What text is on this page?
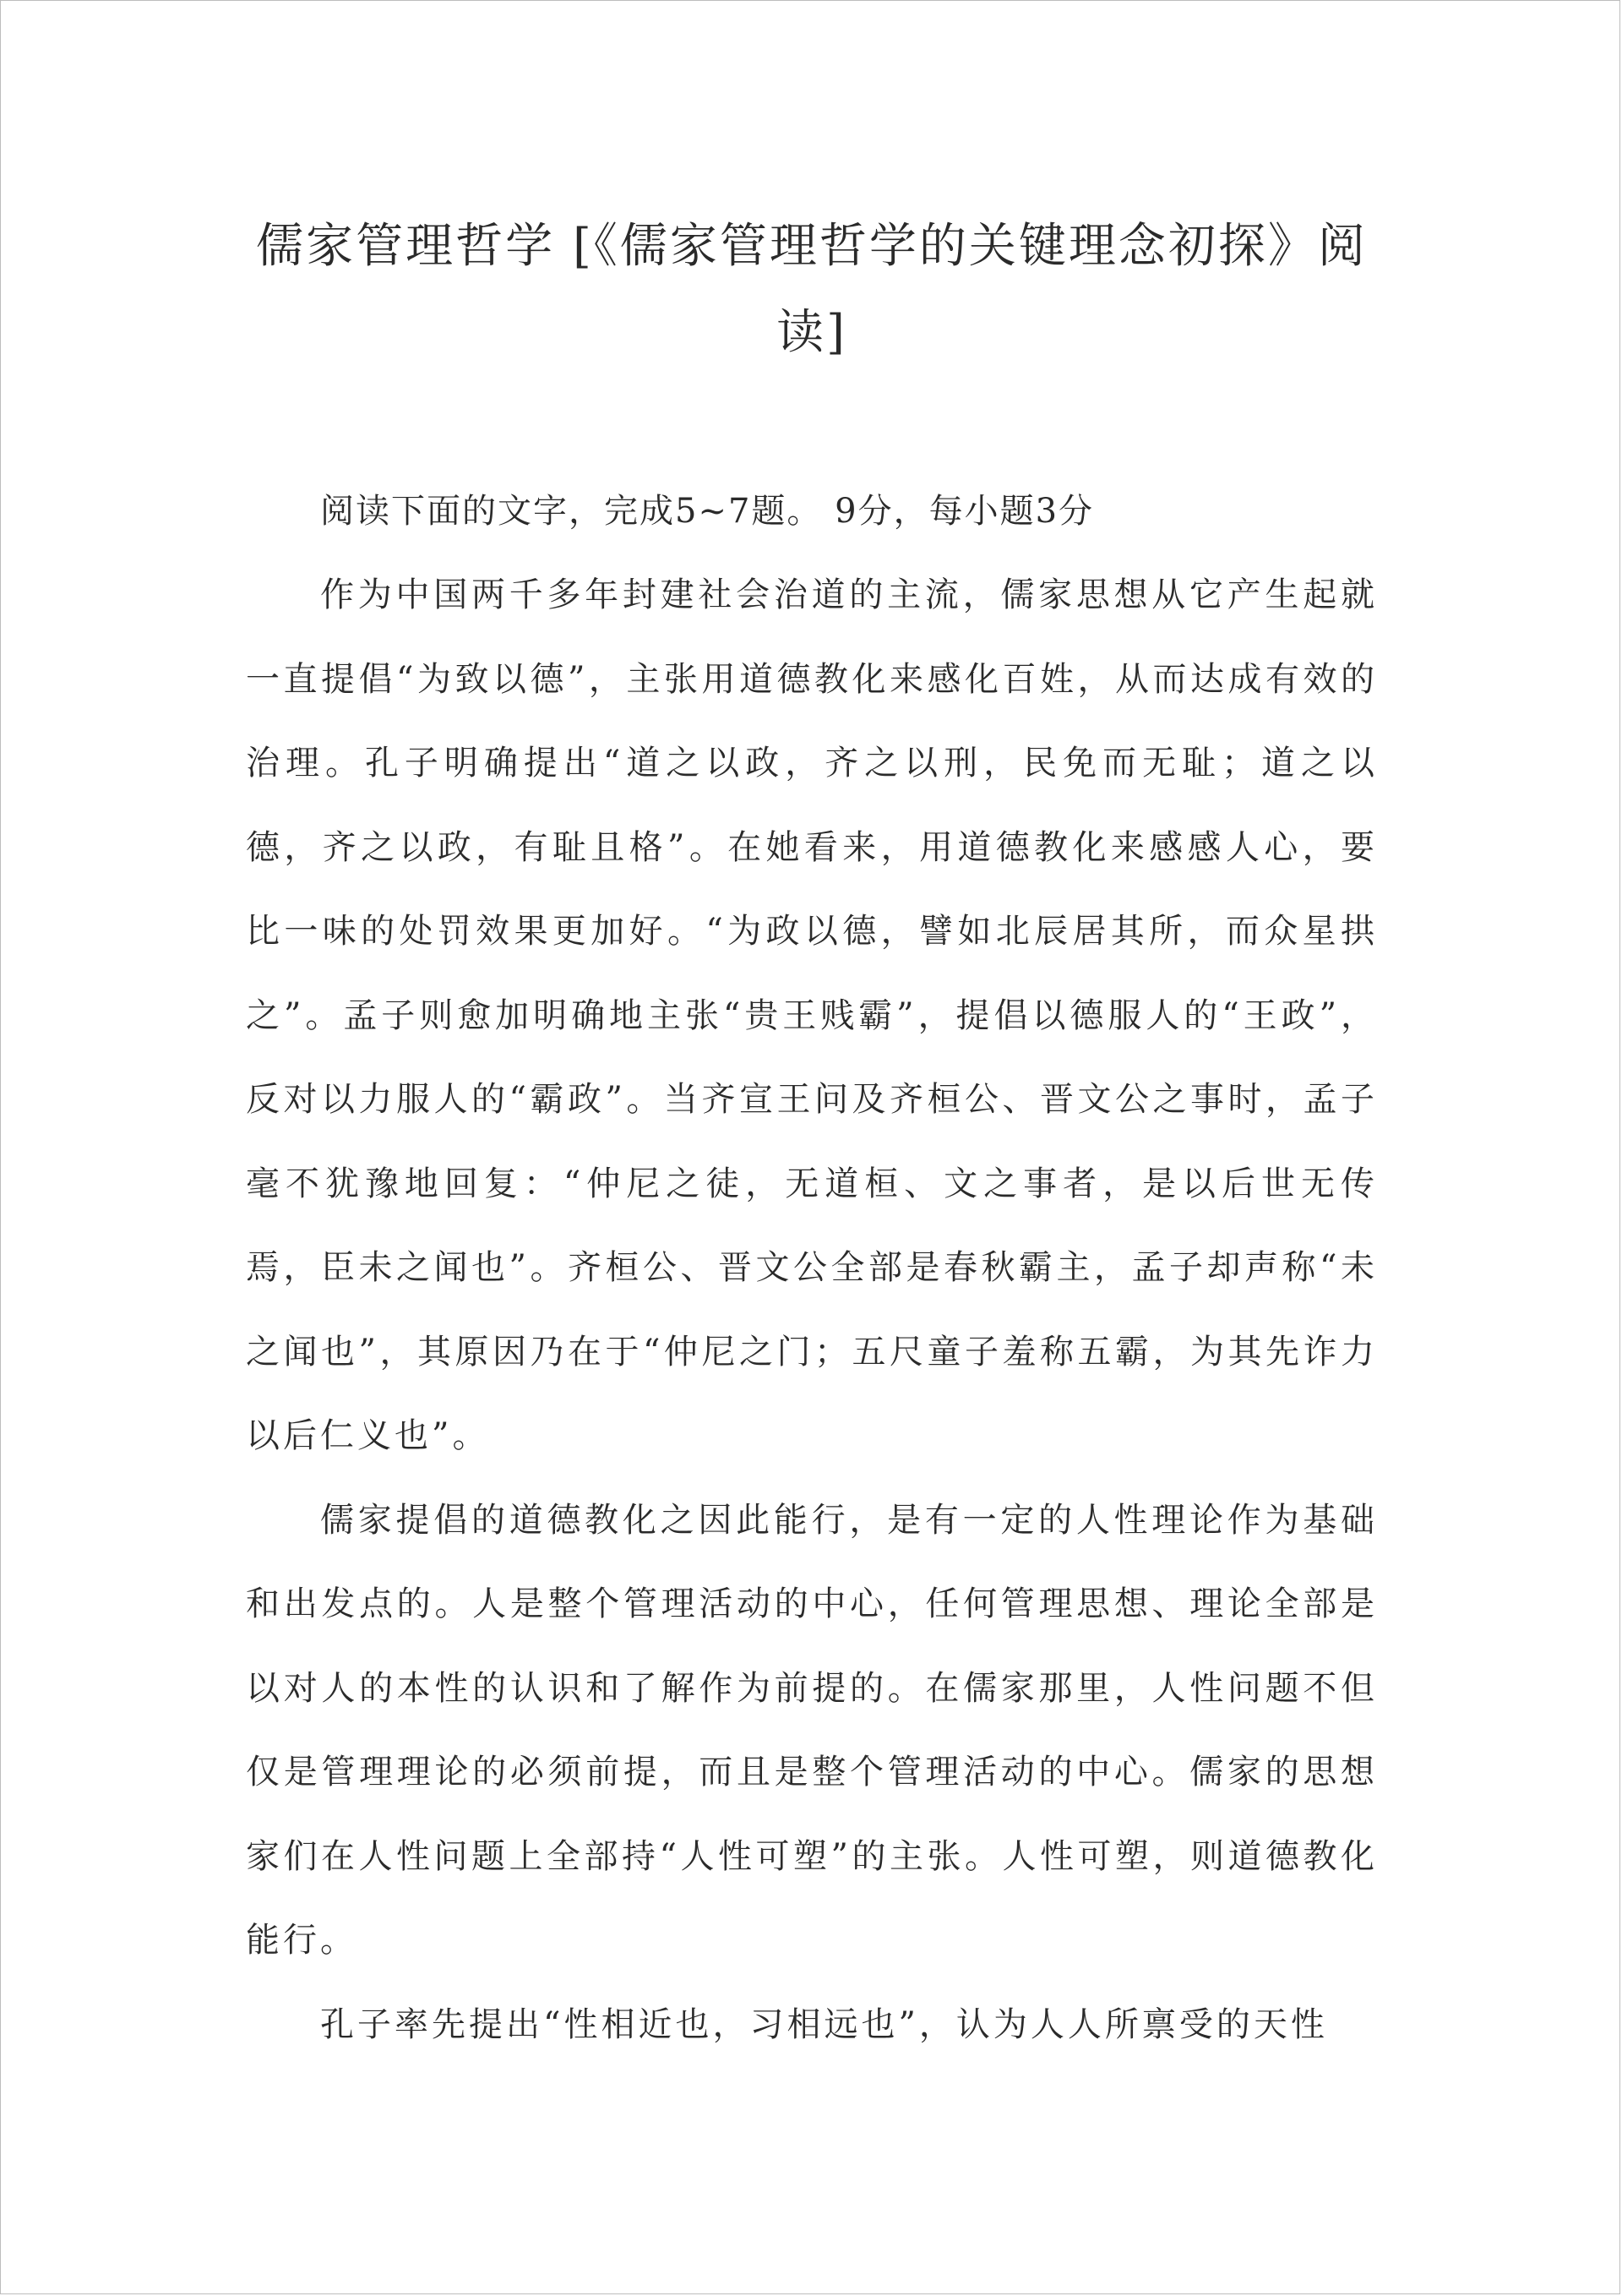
儒家管理哲学 [《儒家管理哲学的关键理念初探》阅读]

阅读下面的文字，完成5~7题。 9分，每小题3分

作为中国两千多年封建社会治道的主流，儒家思想从它产生起就一直提倡“为致以德”，主张用道德教化来感化百姓，从而达成有效的治理。孔子明确提出“道之以政，齐之以刑，民免而无耻；道之以德，齐之以政，有耻且格”。在她看来，用道德教化来感感人心，要比一味的处罚效果更加好。“为政以德，譬如北辰居其所，而众星拱之”。孟子则愈加明确地主张“贵王贱霸”，提倡以德服人的“王政”，反对以力服人的“霸政”。当齐宣王问及齐桓公、晋文公之事时，孟子毫不犹豫地回复：“仲尼之徒，无道桓、文之事者，是以后世无传焉，臣未之闻也”。齐桓公、晋文公全部是春秋霸主，孟子却声称“未之闻也”，其原因乃在于“仲尼之门；五尺童子羞称五霸，为其先诈力以后仁义也”。

儒家提倡的道德教化之因此能行，是有一定的人性理论作为基础和出发点的。人是整个管理活动的中心，任何管理思想、理论全部是以对人的本性的认识和了解作为前提的。在儒家那里，人性问题不但仅是管理理论的必须前提，而且是整个管理活动的中心。儒家的思想家们在人性问题上全部持“人性可塑”的主张。人性可塑，则道德教化能行。

孔子率先提出“性相近也，习相远也”，认为人人所禀受的天性
